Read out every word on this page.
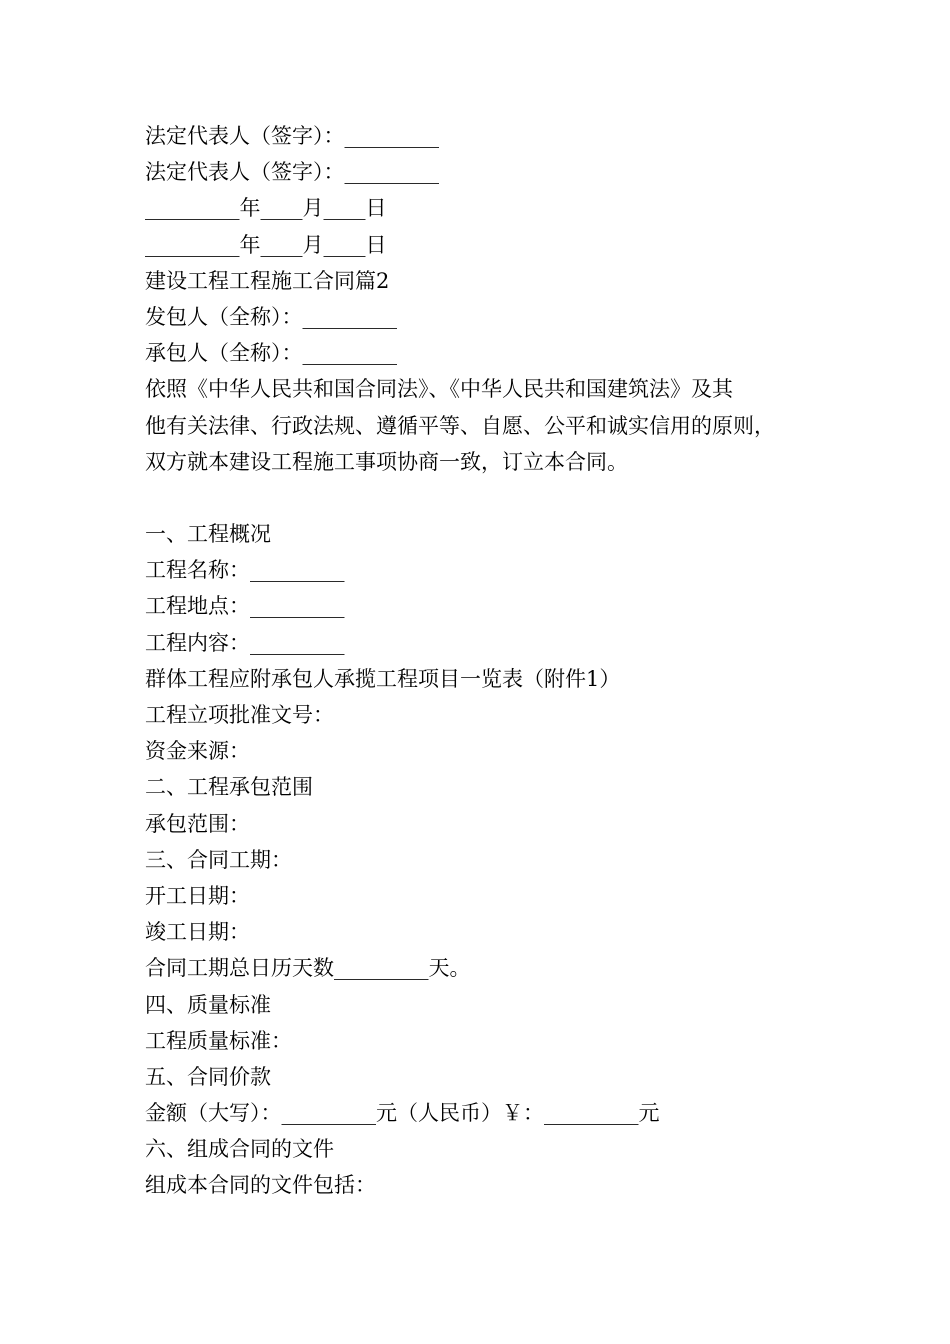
法定代表人（签字）：_________
法定代表人（签字）：_________
_________年____月____日
_________年____月____日
建设工程工程施工合同篇2
发包人（全称）：_________
承包人（全称）：_________
依照《中华人民共和国合同法》、《中华人民共和国建筑法》及其
他有关法律、行政法规、遵循平等、自愿、公平和诚实信用的原则，
双方就本建设工程施工事项协商一致，订立本合同。
一、工程概况
工程名称：_________
工程地点：_________
工程内容：_________
群体工程应附承包人承揽工程项目一览表（附件1）
工程立项批准文号：
资金来源：
二、工程承包范围
承包范围：
三、合同工期：
开工日期：
竣工日期：
合同工期总日历天数_________天。
四、质量标准
工程质量标准：
五、合同价款
金额（大写）：_________元（人民币）￥：_________元
六、组成合同的文件
组成本合同的文件包括：
